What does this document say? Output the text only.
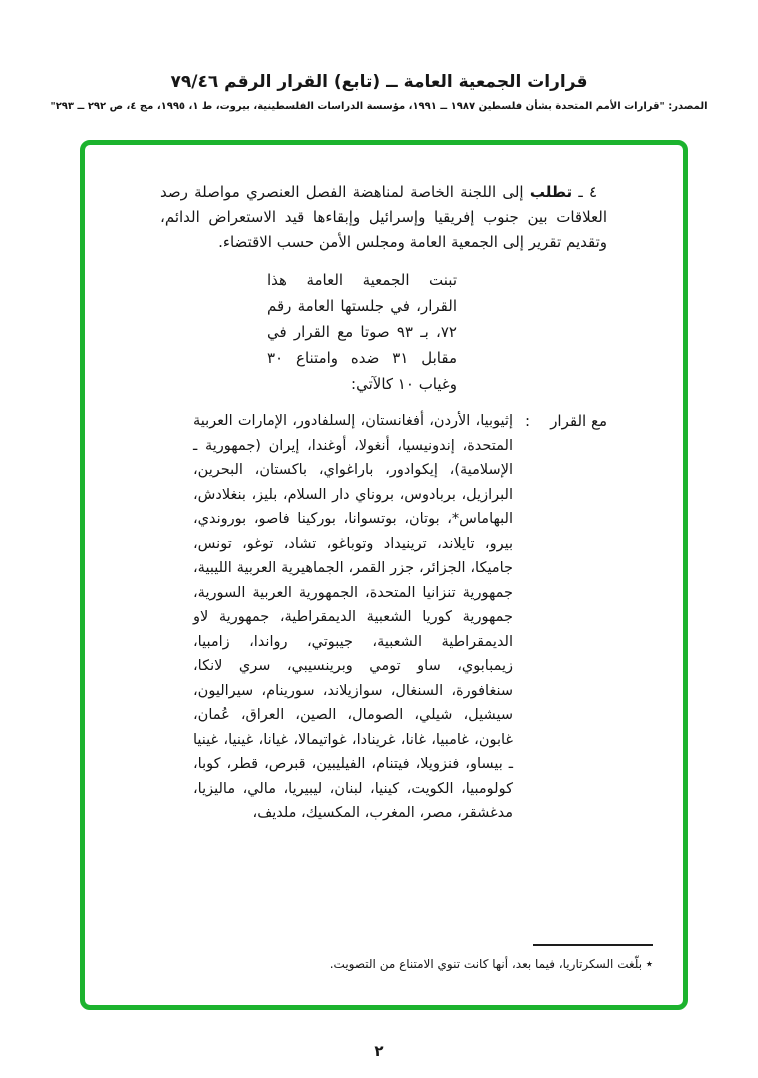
قرارات الجمعية العامة ــ (تابع) القرار الرقم ٧٩/٤٦
المصدر: "قرارات الأمم المتحدة بشأن فلسطين ١٩٨٧ ــ ١٩٩١، مؤسسة الدراسات الفلسطينية، بيروت، ط ١، ١٩٩٥، مج ٤، ص ٢٩٢ ــ ٢٩٣"

٤ ـ تطلب إلى اللجنة الخاصة لمناهضة الفصل العنصري مواصلة رصد العلاقات بين جنوب إفريقيا وإسرائيل وإبقاءها قيد الاستعراض الدائم، وتقديم تقرير إلى الجمعية العامة ومجلس الأمن حسب الاقتضاء.

تبنت الجمعية العامة هذا القرار، في جلستها العامة رقم ٧٢، بـ ٩٣ صوتا مع القرار في مقابل ٣١ ضده وامتناع ٣٠ وغياب ١٠ كالآتي:

مع القرار
:
إثيوبيا، الأردن، أفغانستان، إلسلفادور، الإمارات العربية المتحدة، إندونيسيا، أنغولا، أوغندا، إيران (جمهورية ـ الإسلامية)، إيكوادور، باراغواي، باكستان، البحرين، البرازيل، بربادوس، بروناي دار السلام، بليز، بنغلادش، البهاماس*، بوتان، بوتسوانا، بوركينا فاصو، بوروندي، بيرو، تايلاند، ترينيداد وتوباغو، تشاد، توغو، تونس، جاميكا، الجزائر، جزر القمر، الجماهيرية العربية الليبية، جمهورية تنزانيا المتحدة، الجمهورية العربية السورية، جمهورية كوريا الشعبية الديمقراطية، جمهورية لاو الديمقراطية الشعبية، جيبوتي، رواندا، زامبيا، زيمبابوي، ساو تومي وبرينسيبي، سري لانكا، سنغافورة، السنغال، سوازيلاند، سورينام، سيراليون، سيشيل، شيلي، الصومال، الصين، العراق، عُمان، غابون، غامبيا، غانا، غرينادا، غواتيمالا، غيانا، غينيا، غينيا ـ بيساو، فنزويلا، فيتنام، الفيليبين، قبرص، قطر، كوبا، كولومبيا، الكويت، كينيا، لبنان، ليبيريا، مالي، ماليزيا، مدغشقر، مصر، المغرب، المكسيك، ملديف،
٭ بلّغت السكرتاريا، فيما بعد، أنها كانت تنوي الامتناع من التصويت.
٢
